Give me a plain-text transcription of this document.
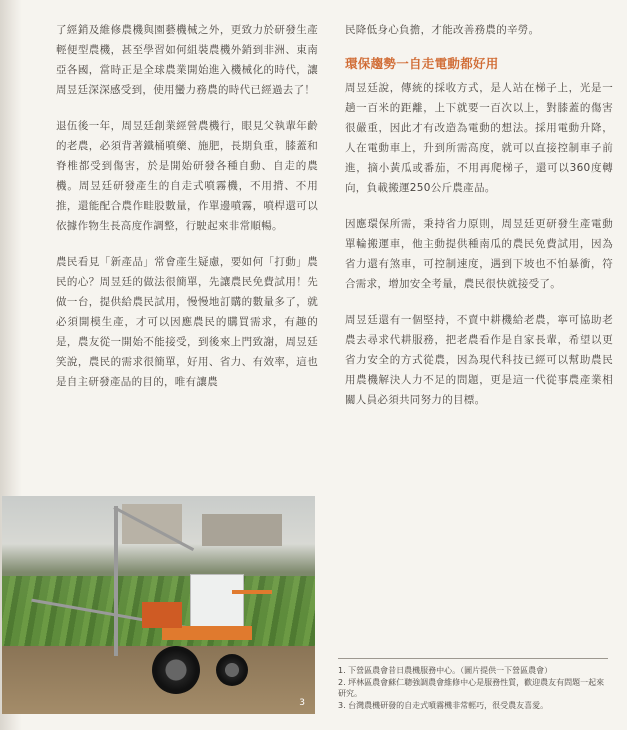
了經銷及維修農機與園藝機械之外，更致力於研發生產輕便型農機，甚至學習如何組裝農機外銷到非洲、東南亞各國，當時正是全球農業開始進入機械化的時代，讓周昱廷深深感受到，使用蠻力務農的時代已經過去了！

退伍後一年，周昱廷創業經營農機行，眼見父執輩年齡的老農，必須背著鐵桶噴藥、施肥，長期負重，膝蓋和脊椎都受到傷害，於是開始研發各種自動、自走的農機。周昱廷研發產生的自走式噴霧機，不用揹、不用推，還能配合農作畦股數量，作單邊噴霧，噴桿還可以依據作物生長高度作調整，行駛起來非常順暢。

農民看見「新產品」常會產生疑慮，要如何「打動」農民的心？周昱廷的做法很簡單，先讓農民免費試用！先做一台，提供給農民試用，慢慢地訂購的數量多了，就必須開模生產，才可以因應農民的購買需求，有趣的是，農友從一開始不能接受，到後來上門致謝，周昱廷笑說，農民的需求很簡單，好用、省力、有效率，這也是自主研發產品的目的，唯有讓農

民降低身心負擔，才能改善務農的辛勞。

環保趨勢一自走電動都好用

周昱廷說，傳統的採收方式，是人站在梯子上，光是一趟一百米的距離，上下就要一百次以上，對膝蓋的傷害很嚴重，因此才有改造為電動的想法。採用電動升降，人在電動車上，升到所需高度，就可以直接控制車子前進，摘小黃瓜或番茄，不用再爬梯子，還可以360度轉向，負載搬運250公斤農產品。

因應環保所需，秉持省力原則，周昱廷更研發生產電動單輪搬運車，他主動提供種南瓜的農民免費試用，因為省力還有煞車，可控制速度，遇到下坡也不怕暴衝，符合需求，增加安全考量，農民很快就接受了。

周昱廷還有一個堅持，不賣中耕機給老農，寧可協助老農去尋求代耕服務，把老農看作是自家長輩，希望以更省力安全的方式從農，因為現代科技已經可以幫助農民用農機解決人力不足的問題，更是這一代從事農產業相關人員必須共同努力的目標。

3
1. 下營區農會昔日農機服務中心。（圖片提供一下營區農會）
2. 坪林區農會蘇仁聰強調農會維修中心是服務性質，歡迎農友有問題一起來研究。
3. 台灣農機研發的自走式噴霧機非常輕巧，很受農友喜愛。
